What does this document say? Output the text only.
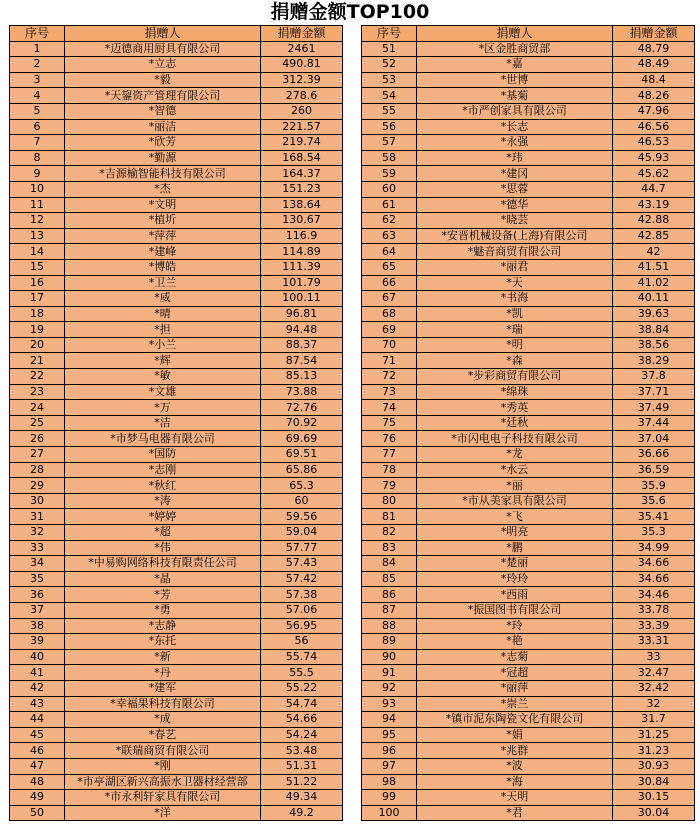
捐赠金额TOP100
序号	捐赠人	捐赠金额
1	*迈德商用厨具有限公司	2461
2	*立志	490.81
3	*毅	312.39
4	*天鋆资产管理有限公司	278.6
5	*智德	260
6	*丽洁	221.57
7	*欣芳	219.74
8	*勤源	168.54
9	*吉源榆智能科技有限公司	164.37
10	*杰	151.23
11	*文明	138.64
12	*植圻	130.67
13	*萍萍	116.9
14	*建峰	114.89
15	*博皓	111.39
16	*卫兰	101.79
17	*威	100.11
18	*晴	96.81
19	*担	94.48
20	*小兰	88.37
21	*辉	87.54
22	*敏	85.13
23	*文雄	73.88
24	*万	72.76
25	*洁	70.92
26	*市梦马电器有限公司	69.69
27	*国防	69.51
28	*志刚	65.86
29	*秋红	65.3
30	*涛	60
31	*婷婷	59.56
32	*超	59.04
33	*伟	57.77
34	*中易购网络科技有限责任公司	57.43
35	*晶	57.42
36	*芳	57.38
37	*勇	57.06
38	*志静	56.95
39	*东托	56
40	*新	55.74
41	*丹	55.5
42	*建军	55.22
43	*幸福果科技有限公司	54.74
44	*成	54.66
45	*春艺	54.24
46	*联瑞商贸有限公司	53.48
47	*刚	51.31
48	*市亭湖区新兴高振水卫器材经营部	51.22
49	*市永利轩家具有限公司	49.34
50	*洋	49.2
序号	捐赠人	捐赠金额
51	*区金胜商贸部	48.79
52	*嘉	48.49
53	*世博	48.4
54	*基菊	48.26
55	*市严创家具有限公司	47.96
56	*长志	46.56
57	*永强	46.53
58	*玮	45.93
59	*建冈	45.62
60	*思蓉	44.7
61	*德华	43.19
62	*晓芸	42.88
63	*安晋机械设备(上海)有限公司	42.85
64	*魅音商贸有限公司	42
65	*丽君	41.51
66	*天	41.02
67	*书海	40.11
68	*凯	39.63
69	*瑞	38.84
70	*明	38.56
71	*森	38.29
72	*步彩商贸有限公司	37.8
73	*绵珠	37.71
74	*秀英	37.49
75	*廷秋	37.44
76	*市闪电电子科技有限公司	37.04
77	*龙	36.66
78	*水云	36.59
79	*丽	35.9
80	*市从美家具有限公司	35.6
81	*飞	35.41
82	*明亮	35.3
83	*鹏	34.99
84	*楚丽	34.66
85	*玲玲	34.66
86	*西雨	34.46
87	*振国图书有限公司	33.78
88	*玲	33.39
89	*艳	33.31
90	*志菊	33
91	*冠超	32.47
92	*丽萍	32.42
93	*崇兰	32
94	*镇市泥东陶瓷文化有限公司	31.7
95	*娟	31.25
96	*兆群	31.23
97	*波	30.93
98	*海	30.84
99	*天明	30.15
100	*君	30.04
